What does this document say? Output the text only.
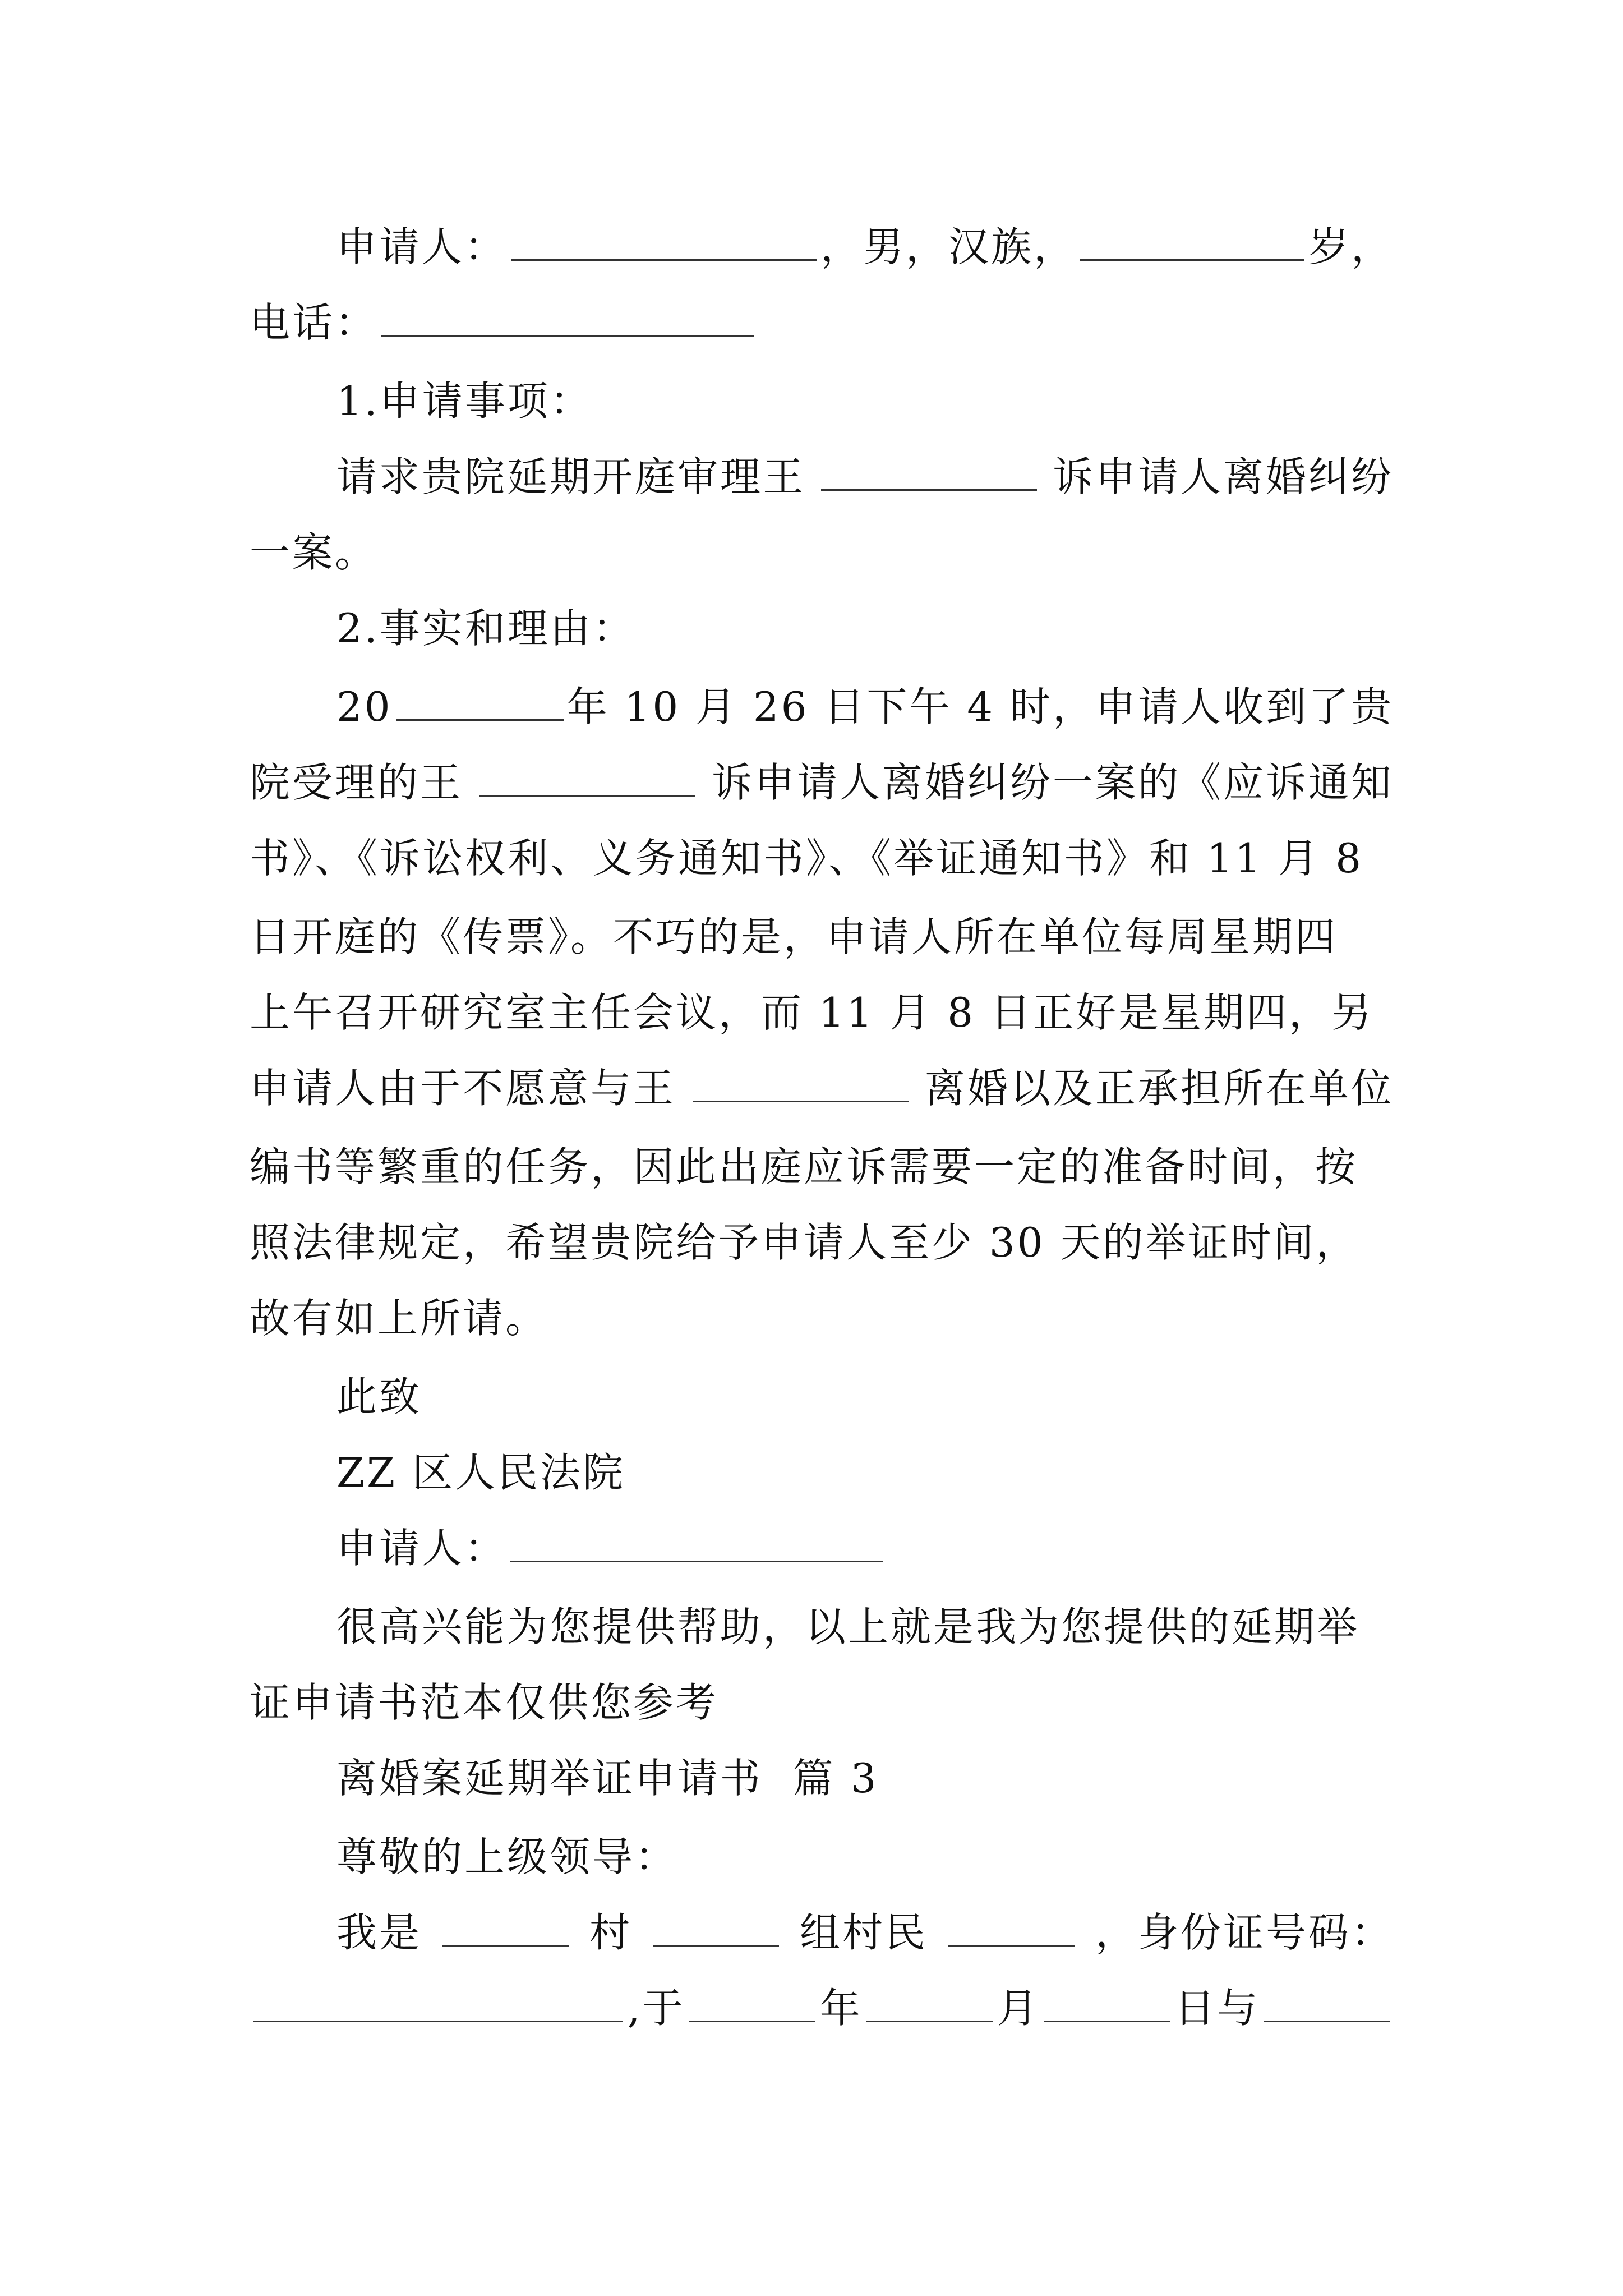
申请人：	，男，汉族，	岁，
电话：
1.申请事项：
请求贵院延期开庭审理王	诉申请人离婚纠纷
一案。
2.事实和理由：
20	年 10 月 26 日下午 4 时，申请人收到了贵
院受理的王	诉申请人离婚纠纷一案的《应诉通知
书》、《诉讼权利、义务通知书》、《举证通知书》和 11 月 8
日开庭的《传票》。不巧的是，申请人所在单位每周星期四
上午召开研究室主任会议，而 11 月 8 日正好是星期四，另
申请人由于不愿意与王	离婚以及正承担所在单位
编书等繁重的任务，因此出庭应诉需要一定的准备时间，按
照法律规定，希望贵院给予申请人至少 30 天的举证时间，
故有如上所请。
此致
ZZ 区人民法院
申请人：
很高兴能为您提供帮助，以上就是我为您提供的延期举
证申请书范本仅供您参考
离婚案延期举证申请书  篇 3
尊敬的上级领导：
我是	村	组村民	，身份证号码：
,于	年	月	日与
